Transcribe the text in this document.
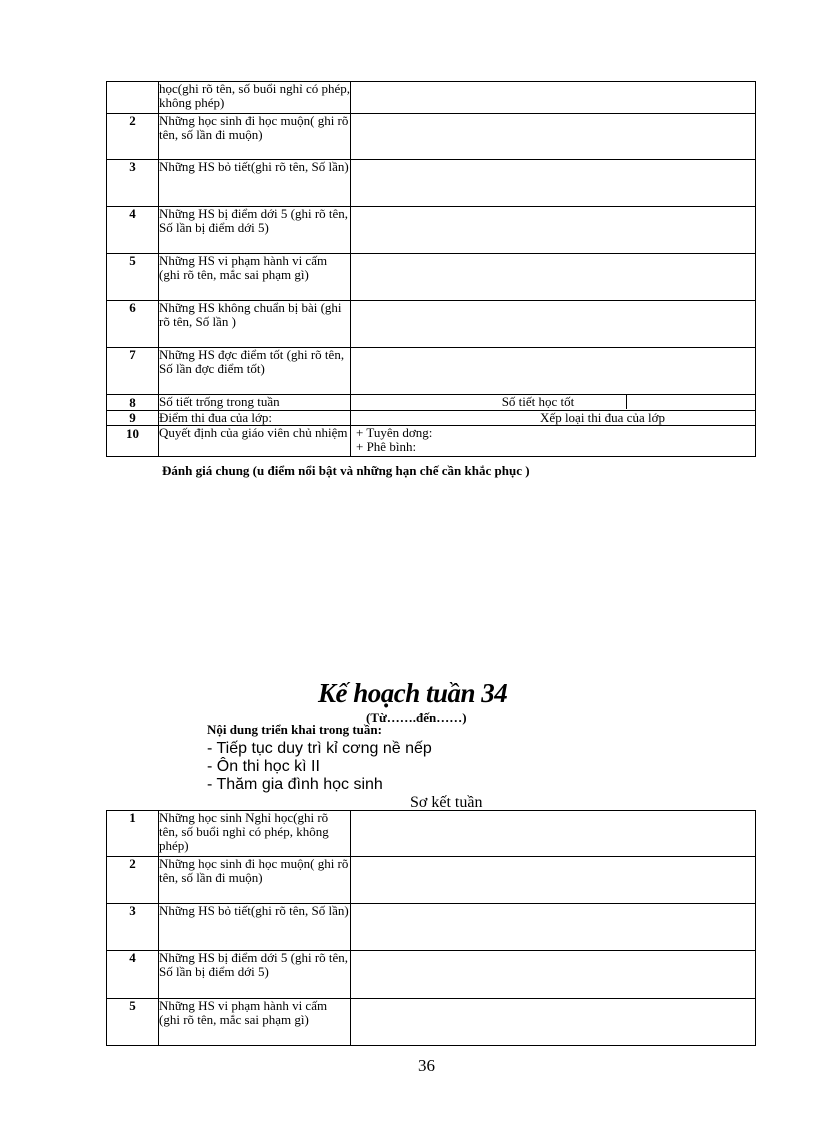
	học(ghi rõ tên, số buổi nghỉ có phép, không phép)	

2	Những học sinh đi học muộn( ghi rõ tên, số lần đi muộn)	

3	Những HS bỏ tiết(ghi rõ tên, Số lần)	

4	Những HS bị điểm dới 5 (ghi rõ tên, Số lần bị điểm dới 5)	

5	Những HS vi phạm hành vi cấm (ghi rõ tên, mắc sai phạm gì)	

6	Những HS không chuẩn bị bài (ghi rõ tên, Số lần )	

7	Những HS đợc điểm tốt (ghi rõ tên, Số lần đợc điểm tốt)	

8	Số tiết trống trong tuần	Số tiết học tốt

9	Điểm thi đua của lớp:	Xếp loại thi đua của lớp

10	Quyết định của giáo viên chủ nhiệm	+ Tuyên dơng:
+ Phê bình:
Đánh giá chung (u điểm nổi bật và những hạn chế cần khắc phục )
Kế hoạch tuần 34
(Từ…….đến……)
Nội dung triển khai trong tuần:
- Tiếp tục duy trì kỉ cơng nề nếp
- Ôn thi học kì II
- Thăm gia đình học sinh
Sơ kết tuần
1	Những học sinh Nghỉ học(ghi rõ tên, số buổi nghỉ có phép, không phép)	

2	Những học sinh đi học muộn( ghi rõ tên, số lần đi muộn)	

3	Những HS bỏ tiết(ghi rõ tên, Số lần)	

4	Những HS bị điểm dới 5 (ghi rõ tên, Số lần bị điểm dới 5)	

5	Những HS vi phạm hành vi cấm (ghi rõ tên, mắc sai phạm gì)	

36
